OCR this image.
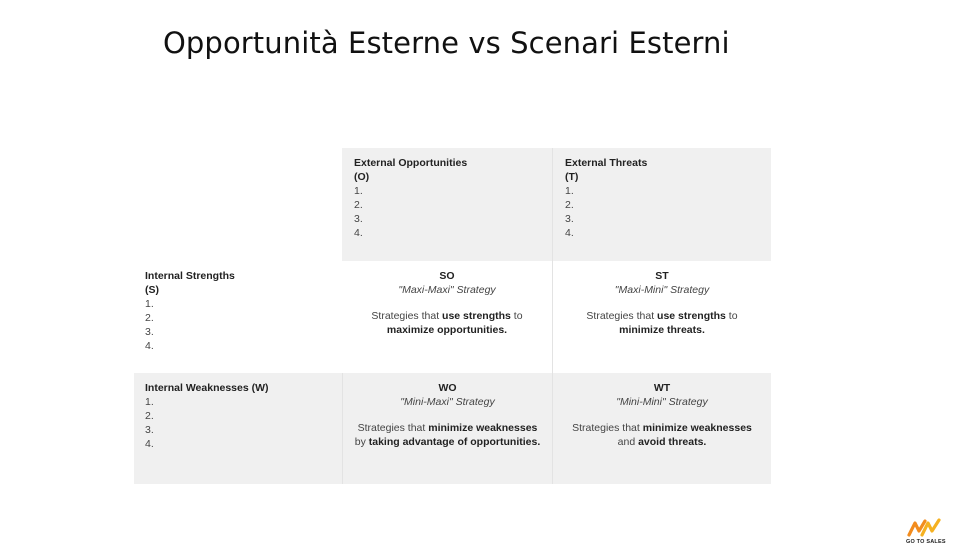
Opportunità Esterne vs Scenari Esterni
External Opportunities
(O)
1.
2.
3.
4.
External Threats
(T)
1.
2.
3.
4.
Internal Strengths
(S)
1.
2.
3.
4.
SO
"Maxi-Maxi" Strategy
Strategies that use strengths to
maximize opportunities.
ST
"Maxi-Mini" Strategy
Strategies that use strengths to
minimize threats.
Internal Weaknesses (W)
1.
2.
3.
4.
WO
"Mini-Maxi" Strategy
Strategies that minimize weaknesses by taking advantage of opportunities.
WT
"Mini-Mini" Strategy
Strategies that minimize weaknesses
and avoid threats.
GO TO SALES
